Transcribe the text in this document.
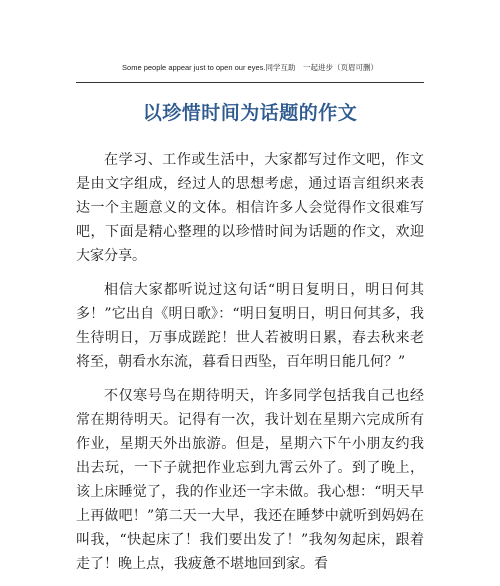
Some people appear just to open our eyes.同学互助　一起进步（页眉可删）
以珍惜时间为话题的作文

在学习、工作或生活中，大家都写过作文吧，作文是由文字组成，经过人的思想考虑，通过语言组织来表达一个主题意义的文体。相信许多人会觉得作文很难写吧，下面是精心整理的以珍惜时间为话题的作文，欢迎大家分享。

相信大家都听说过这句话“明日复明日，明日何其多！”它出自《明日歌》：“明日复明日，明日何其多，我生待明日，万事成蹉跎！世人若被明日累，春去秋来老将至，朝看水东流，暮看日西坠，百年明日能几何？”

不仅寒号鸟在期待明天，许多同学包括我自己也经常在期待明天。记得有一次，我计划在星期六完成所有作业，星期天外出旅游。但是，星期六下午小朋友约我出去玩，一下子就把作业忘到九霄云外了。到了晚上，该上床睡觉了，我的作业还一字未做。我心想：“明天早上再做吧！”第二天一大早，我还在睡梦中就听到妈妈在叫我，“快起床了！我们要出发了！”我匆匆起床，跟着走了！晚上点，我疲惫不堪地回到家。看
